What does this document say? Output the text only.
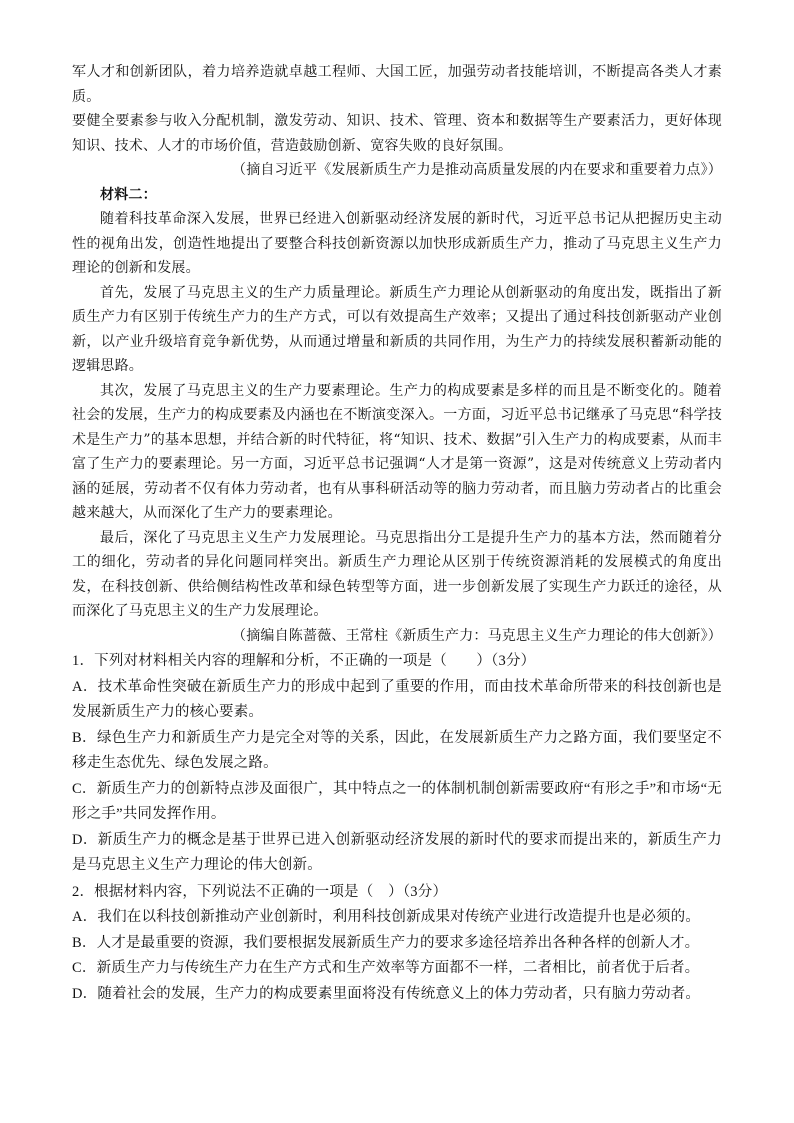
军人才和创新团队，着力培养造就卓越工程师、大国工匠，加强劳动者技能培训，不断提高各类人才素质。

要健全要素参与收入分配机制，激发劳动、知识、技术、管理、资本和数据等生产要素活力，更好体现知识、技术、人才的市场价值，营造鼓励创新、宽容失败的良好氛围。

（摘自习近平《发展新质生产力是推动高质量发展的内在要求和重要着力点》）

材料二：

随着科技革命深入发展，世界已经进入创新驱动经济发展的新时代，习近平总书记从把握历史主动性的视角出发，创造性地提出了要整合科技创新资源以加快形成新质生产力，推动了马克思主义生产力理论的创新和发展。

首先，发展了马克思主义的生产力质量理论。新质生产力理论从创新驱动的角度出发，既指出了新质生产力有区别于传统生产力的生产方式，可以有效提高生产效率；又提出了通过科技创新驱动产业创新，以产业升级培育竞争新优势，从而通过增量和新质的共同作用，为生产力的持续发展积蓄新动能的逻辑思路。

其次，发展了马克思主义的生产力要素理论。生产力的构成要素是多样的而且是不断变化的。随着社会的发展，生产力的构成要素及内涵也在不断演变深入。一方面，习近平总书记继承了马克思“科学技术是生产力”的基本思想，并结合新的时代特征，将“知识、技术、数据”引入生产力的构成要素，从而丰富了生产力的要素理论。另一方面，习近平总书记强调“人才是第一资源”，这是对传统意义上劳动者内涵的延展，劳动者不仅有体力劳动者，也有从事科研活动等的脑力劳动者，而且脑力劳动者占的比重会越来越大，从而深化了生产力的要素理论。

最后，深化了马克思主义生产力发展理论。马克思指出分工是提升生产力的基本方法，然而随着分工的细化，劳动者的异化问题同样突出。新质生产力理论从区别于传统资源消耗的发展模式的角度出发，在科技创新、供给侧结构性改革和绿色转型等方面，进一步创新发展了实现生产力跃迁的途径，从而深化了马克思主义的生产力发展理论。

（摘编自陈蔷薇、王常柱《新质生产力：马克思主义生产力理论的伟大创新》）

1．下列对材料相关内容的理解和分析，不正确的一项是（　　）（3分）

A．技术革命性突破在新质生产力的形成中起到了重要的作用，而由技术革命所带来的科技创新也是发展新质生产力的核心要素。

B．绿色生产力和新质生产力是完全对等的关系，因此，在发展新质生产力之路方面，我们要坚定不移走生态优先、绿色发展之路。

C．新质生产力的创新特点涉及面很广，其中特点之一的体制机制创新需要政府“有形之手”和市场“无形之手”共同发挥作用。

D．新质生产力的概念是基于世界已进入创新驱动经济发展的新时代的要求而提出来的，新质生产力是马克思主义生产力理论的伟大创新。

2．根据材料内容，下列说法不正确的一项是（　）（3分）

A．我们在以科技创新推动产业创新时，利用科技创新成果对传统产业进行改造提升也是必须的。

B．人才是最重要的资源，我们要根据发展新质生产力的要求多途径培养出各种各样的创新人才。

C．新质生产力与传统生产力在生产方式和生产效率等方面都不一样，二者相比，前者优于后者。

D．随着社会的发展，生产力的构成要素里面将没有传统意义上的体力劳动者，只有脑力劳动者。
